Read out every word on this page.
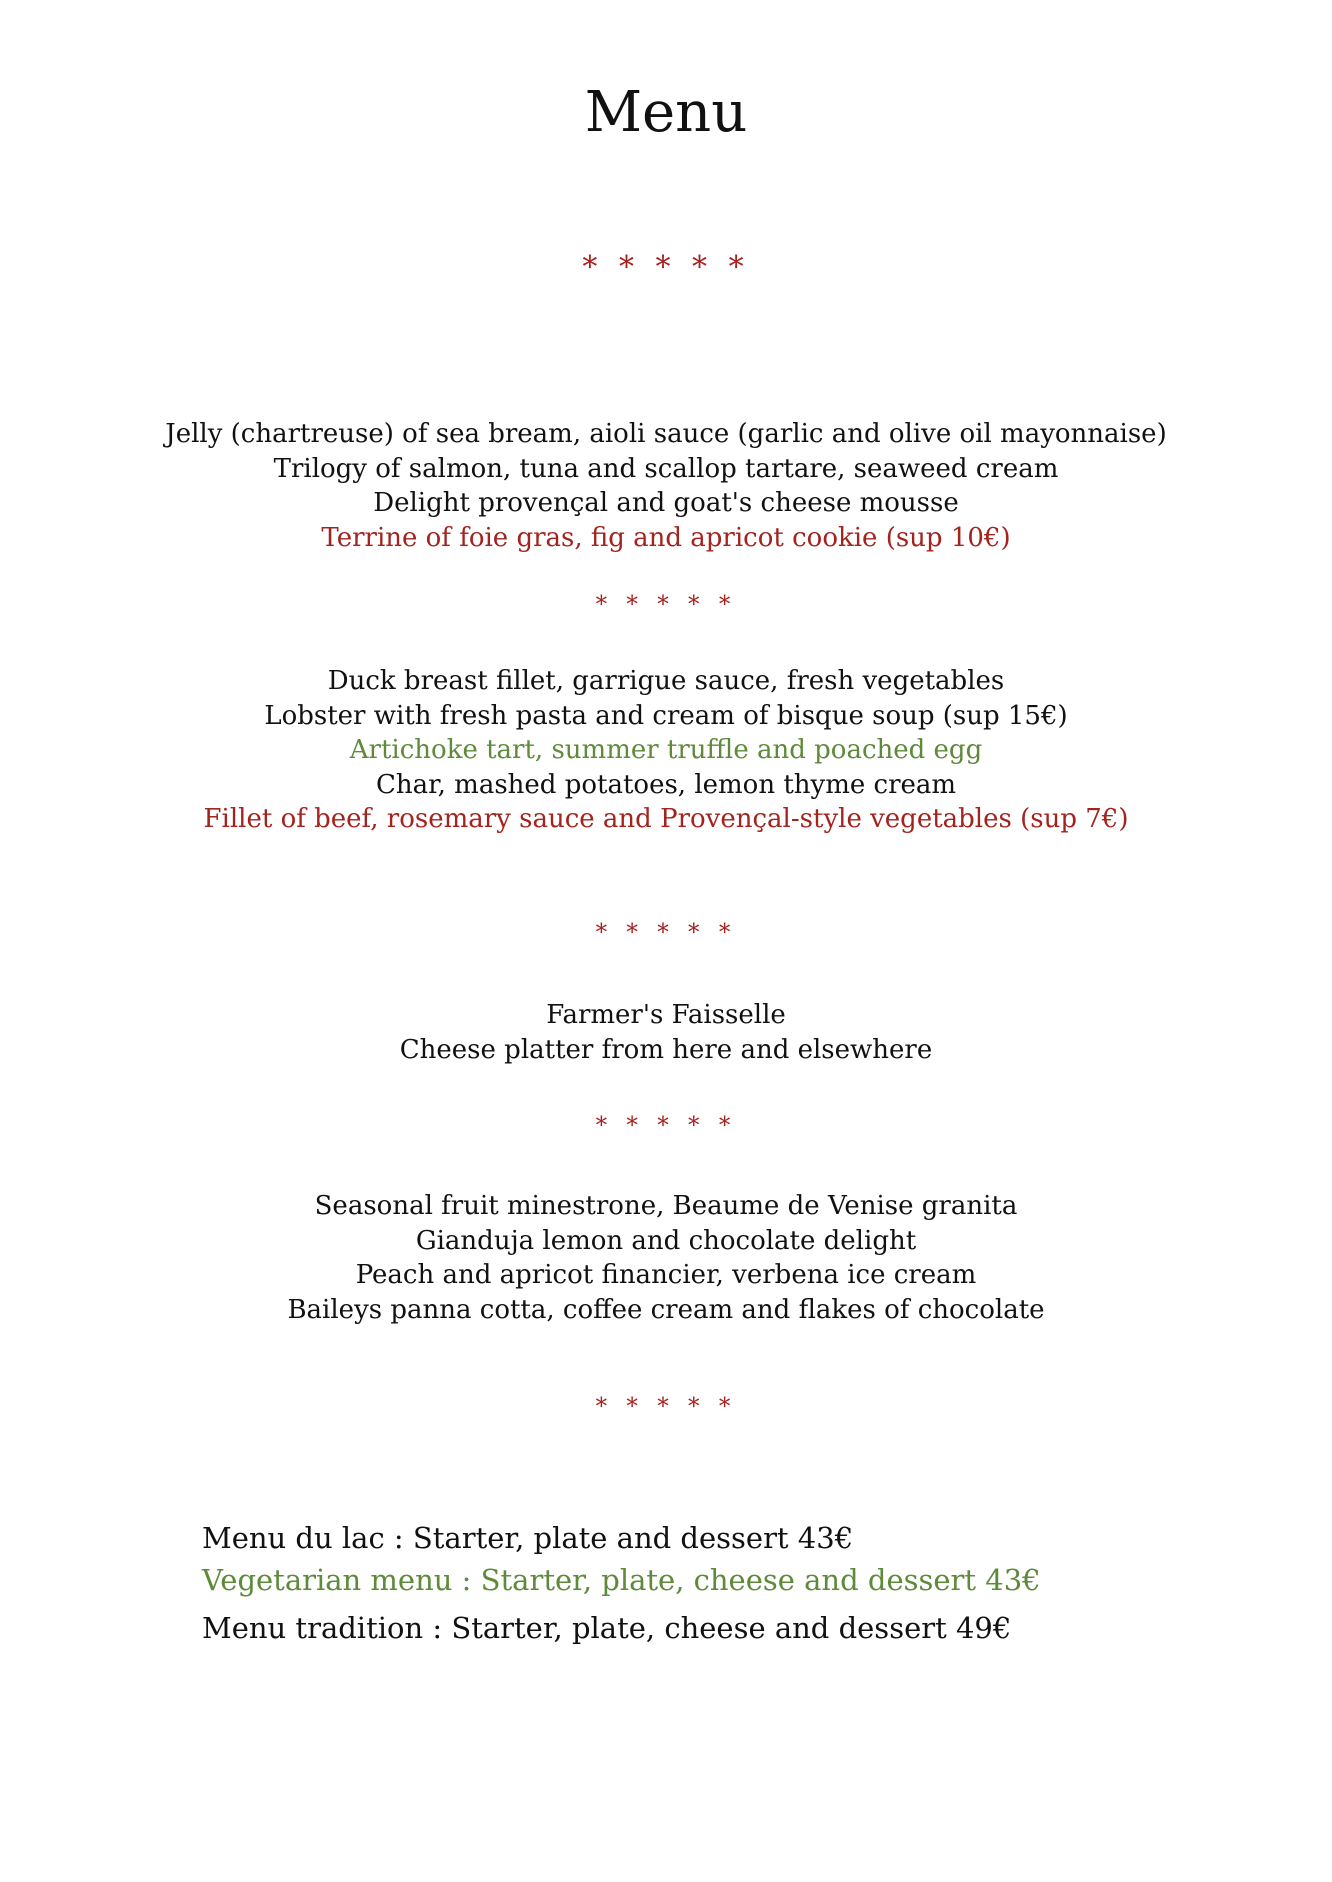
Menu
* * * * *
Jelly (chartreuse) of sea bream, aioli sauce (garlic and olive oil mayonnaise)
Trilogy of salmon, tuna and scallop tartare, seaweed cream
Delight provençal and goat's cheese mousse
Terrine of foie gras, fig and apricot cookie (sup 10€)
* * * * *
Duck breast fillet, garrigue sauce, fresh vegetables
Lobster with fresh pasta and cream of bisque soup (sup 15€)
Artichoke tart, summer truffle and poached egg
Char, mashed potatoes, lemon thyme cream
Fillet of beef, rosemary sauce and Provençal-style vegetables (sup 7€)
* * * * *
Farmer's Faisselle
Cheese platter from here and elsewhere
* * * * *
Seasonal fruit minestrone, Beaume de Venise granita
Gianduja lemon and chocolate delight
Peach and apricot financier, verbena ice cream
Baileys panna cotta, coffee cream and flakes of chocolate
* * * * *
Menu du lac : Starter, plate and dessert 43€
Vegetarian menu : Starter, plate, cheese and dessert 43€
Menu tradition : Starter, plate, cheese and dessert 49€
